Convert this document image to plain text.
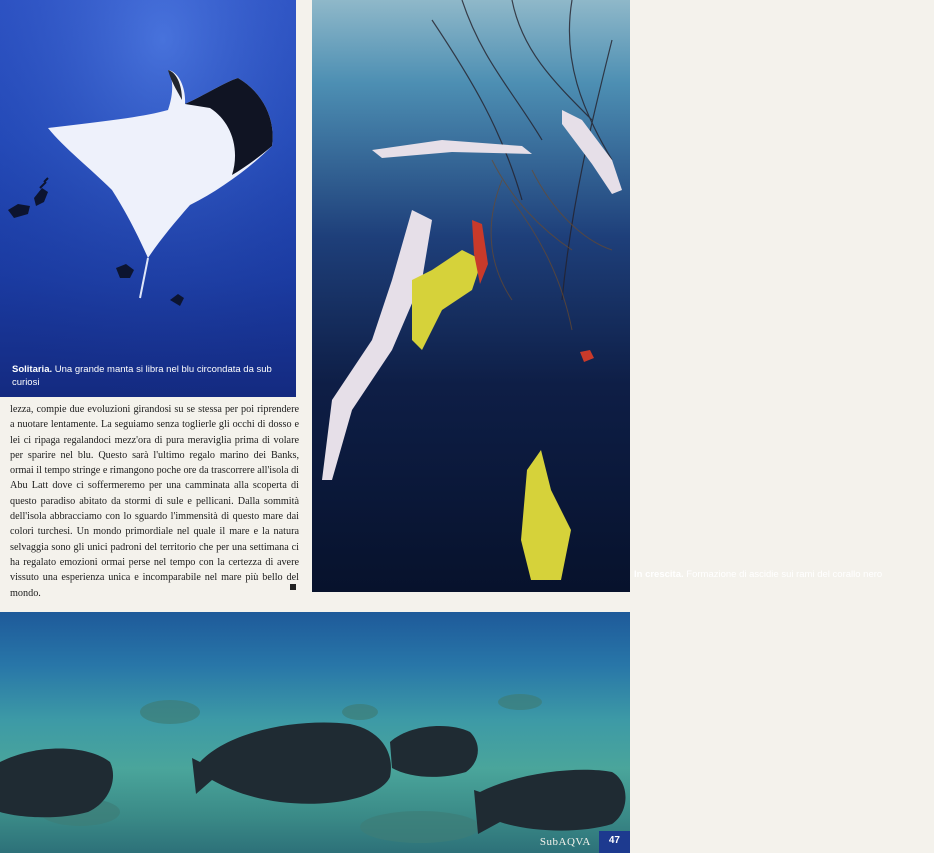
Solitaria. Una grande manta si libra nel blu circondata da sub curiosi
In crescita. Formazione di ascidie sui rami del corallo nero
lezza, compie due evoluzioni girandosi su se stessa per poi riprendere a nuotare lentamente. La seguiamo senza toglierle gli occhi di dosso e lei ci ripaga regalandoci mezz'ora di pura meraviglia prima di volare per sparire nel blu. Questo sarà l'ultimo regalo marino dei Banks, ormai il tempo stringe e rimangono poche ore da trascorrere all'isola di Abu Latt dove ci soffermeremo per una camminata alla scoperta di questo paradiso abitato da stormi di sule e pellicani. Dalla sommità dell'isola abbracciamo con lo sguardo l'immensità di questo mare dai colori turchesi. Un mondo primordiale nel quale il mare e la natura selvaggia sono gli unici padroni del territorio che per una settimana ci ha regalato emozioni ormai perse nel tempo con la certezza di avere vissuto una esperienza unica e incomparabile nel mare più bello del mondo.
SubAQVA	47
